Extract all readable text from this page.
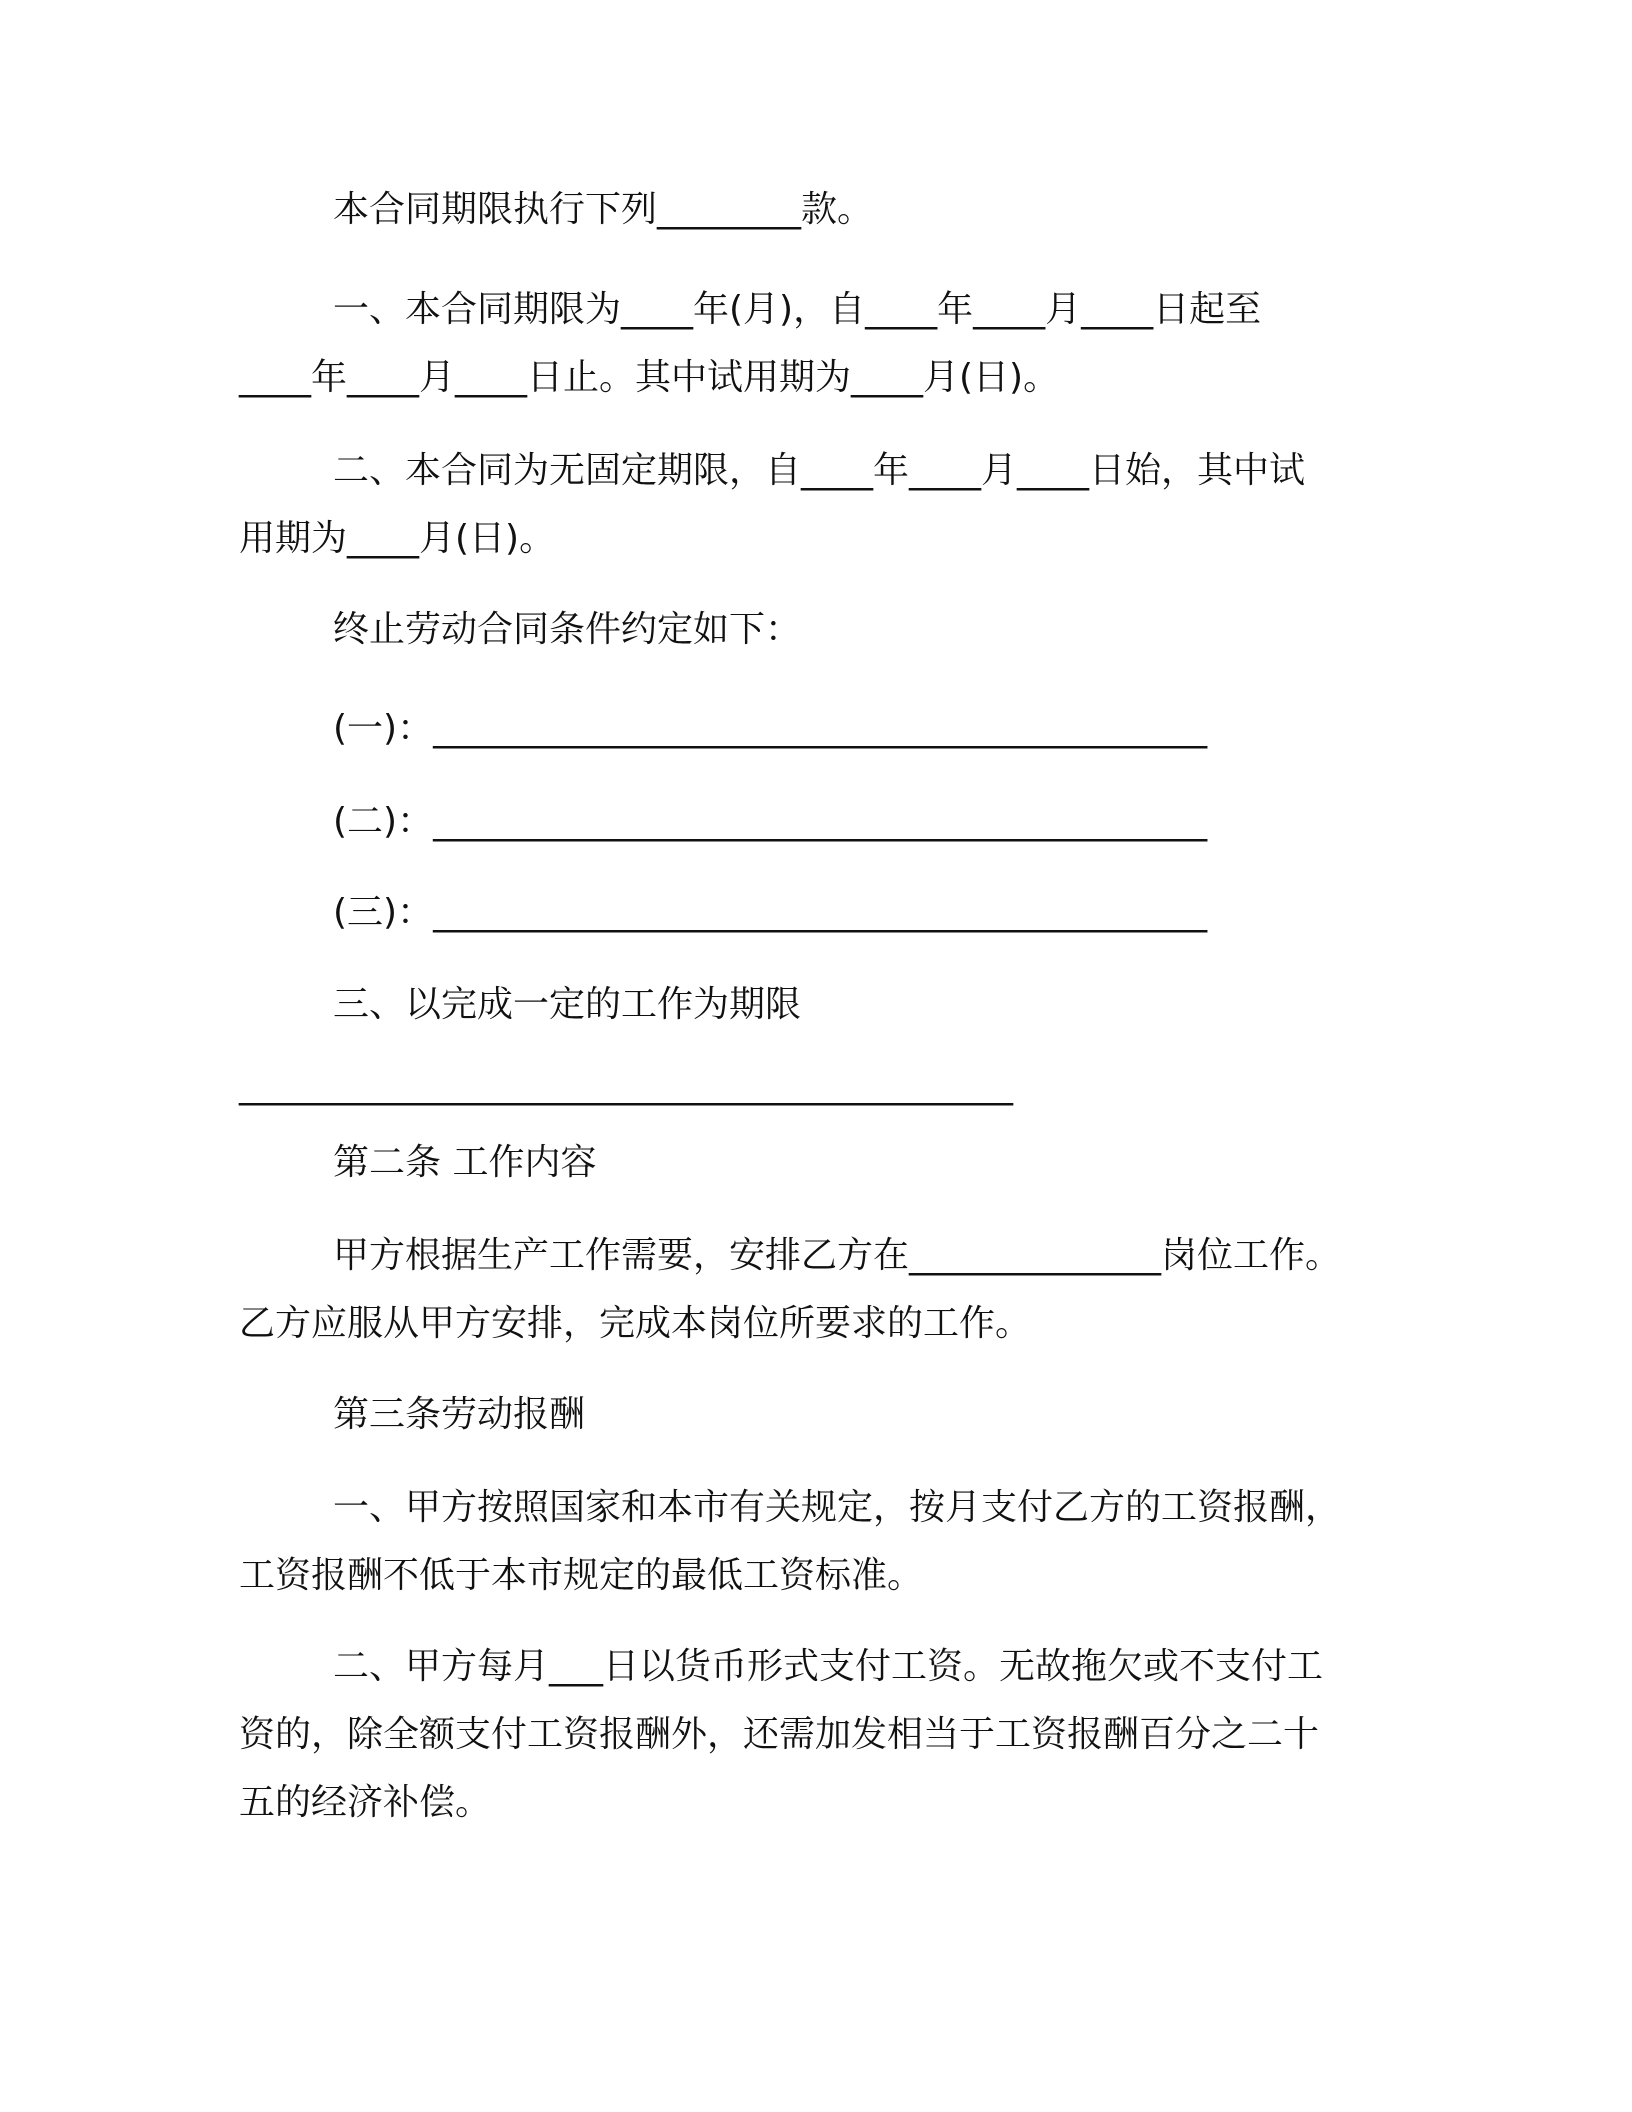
本合同期限执行下列________款。

一、本合同期限为____年(月)，自____年____月____日起至

____年____月____日止。其中试用期为____月(日)。

二、本合同为无固定期限，自____年____月____日始，其中试

用期为____月(日)。

终止劳动合同条件约定如下：

(一)：___________________________________________

(二)：___________________________________________

(三)：___________________________________________

三、以完成一定的工作为期限

___________________________________________

第二条 工作内容

甲方根据生产工作需要，安排乙方在______________岗位工作。

乙方应服从甲方安排，完成本岗位所要求的工作。

第三条劳动报酬

一、甲方按照国家和本市有关规定，按月支付乙方的工资报酬，

工资报酬不低于本市规定的最低工资标准。

二、甲方每月___日以货币形式支付工资。无故拖欠或不支付工

资的，除全额支付工资报酬外，还需加发相当于工资报酬百分之二十

五的经济补偿。
